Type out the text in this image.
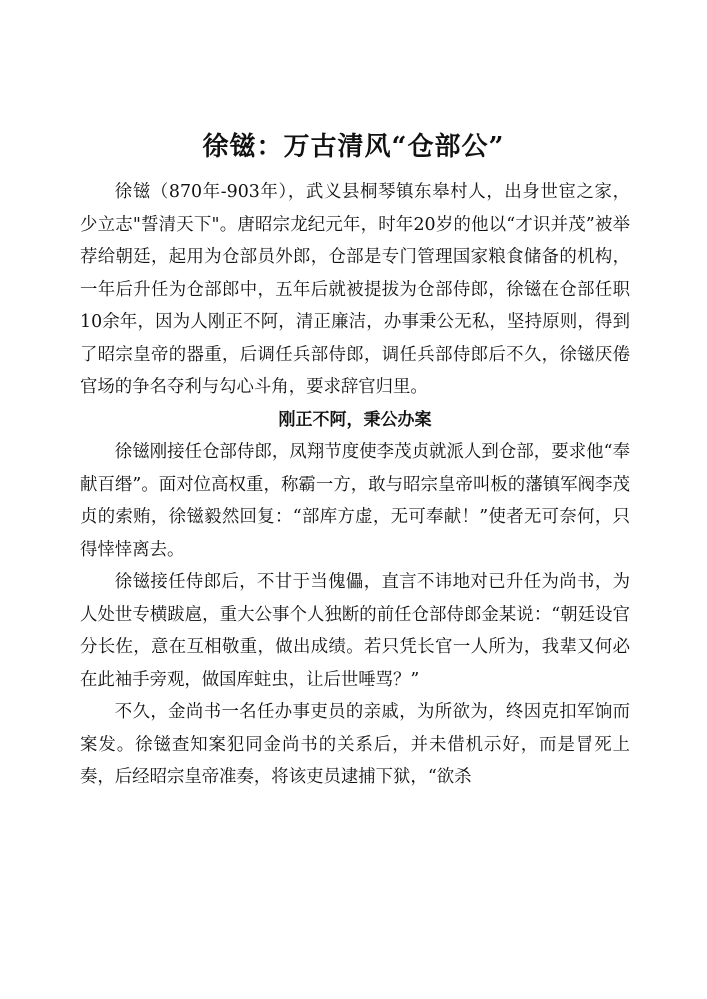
徐镃：万古清风“仓部公”

徐镃（870年-903年），武义县桐琴镇东皋村人，出身世宦之家，少立志"誓清天下"。唐昭宗龙纪元年，时年20岁的他以“才识并茂”被举荐给朝廷，起用为仓部员外郎，仓部是专门管理国家粮食储备的机构，一年后升任为仓部郎中，五年后就被提拔为仓部侍郎，徐镃在仓部任职10余年，因为人刚正不阿，清正廉洁，办事秉公无私，坚持原则，得到了昭宗皇帝的器重，后调任兵部侍郎，调任兵部侍郎后不久，徐镃厌倦官场的争名夺利与勾心斗角，要求辞官归里。

刚正不阿，秉公办案

徐镃刚接任仓部侍郎，凤翔节度使李茂贞就派人到仓部，要求他“奉献百缗”。面对位高权重，称霸一方，敢与昭宗皇帝叫板的藩镇军阀李茂贞的索贿，徐镃毅然回复：“部库方虚，无可奉献！”使者无可奈何，只得悻悻离去。

徐镃接任侍郎后，不甘于当傀儡，直言不讳地对已升任为尚书，为人处世专横跋扈，重大公事个人独断的前任仓部侍郎金某说：“朝廷设官分长佐，意在互相敬重，做出成绩。若只凭长官一人所为，我辈又何必在此袖手旁观，做国库蛀虫，让后世唾骂？”

不久，金尚书一名任办事吏员的亲戚，为所欲为，终因克扣军饷而案发。徐镃查知案犯同金尚书的关系后，并未借机示好，而是冒死上奏，后经昭宗皇帝准奏，将该吏员逮捕下狱，“欲杀
